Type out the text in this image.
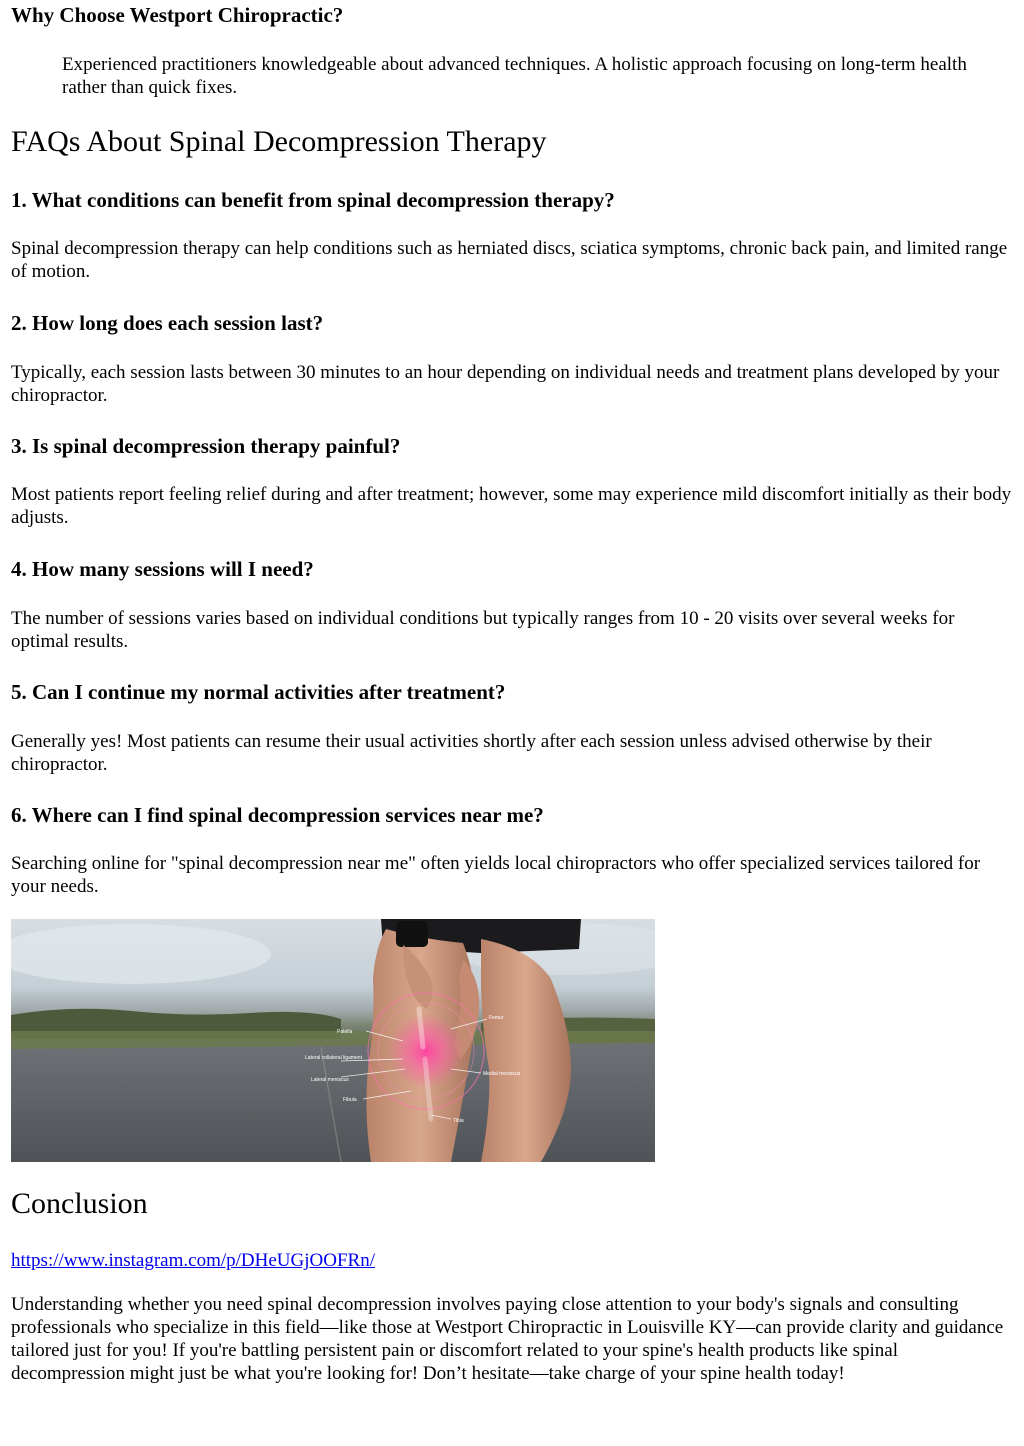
Why Choose Westport Chiropractic?

Experienced practitioners knowledgeable about advanced techniques. A holistic approach focusing on long-term health rather than quick fixes.

FAQs About Spinal Decompression Therapy
1. What conditions can benefit from spinal decompression therapy?

Spinal decompression therapy can help conditions such as herniated discs, sciatica symptoms, chronic back pain, and limited range of motion.

2. How long does each session last?

Typically, each session lasts between 30 minutes to an hour depending on individual needs and treatment plans developed by your chiropractor.

3. Is spinal decompression therapy painful?

Most patients report feeling relief during and after treatment; however, some may experience mild discomfort initially as their body adjusts.

4. How many sessions will I need?

The number of sessions varies based on individual conditions but typically ranges from 10 - 20 visits over several weeks for optimal results.

5. Can I continue my normal activities after treatment?

Generally yes! Most patients can resume their usual activities shortly after each session unless advised otherwise by their chiropractor.

6. Where can I find spinal decompression services near me?

Searching online for "spinal decompression near me" often yields local chiropractors who offer specialized services tailored for your needs.

Patella
Femur
Lateral collateral ligament
Lateral meniscus
Medial meniscus
Fibula
Tibia
Conclusion
https://www.instagram.com/p/DHeUGjOOFRn/

Understanding whether you need spinal decompression involves paying close attention to your body's signals and consulting professionals who specialize in this field—like those at Westport Chiropractic in Louisville KY—can provide clarity and guidance tailored just for you! If you're battling persistent pain or discomfort related to your spine's health products like spinal decompression might just be what you're looking for! Don’t hesitate—take charge of your spine health today!
